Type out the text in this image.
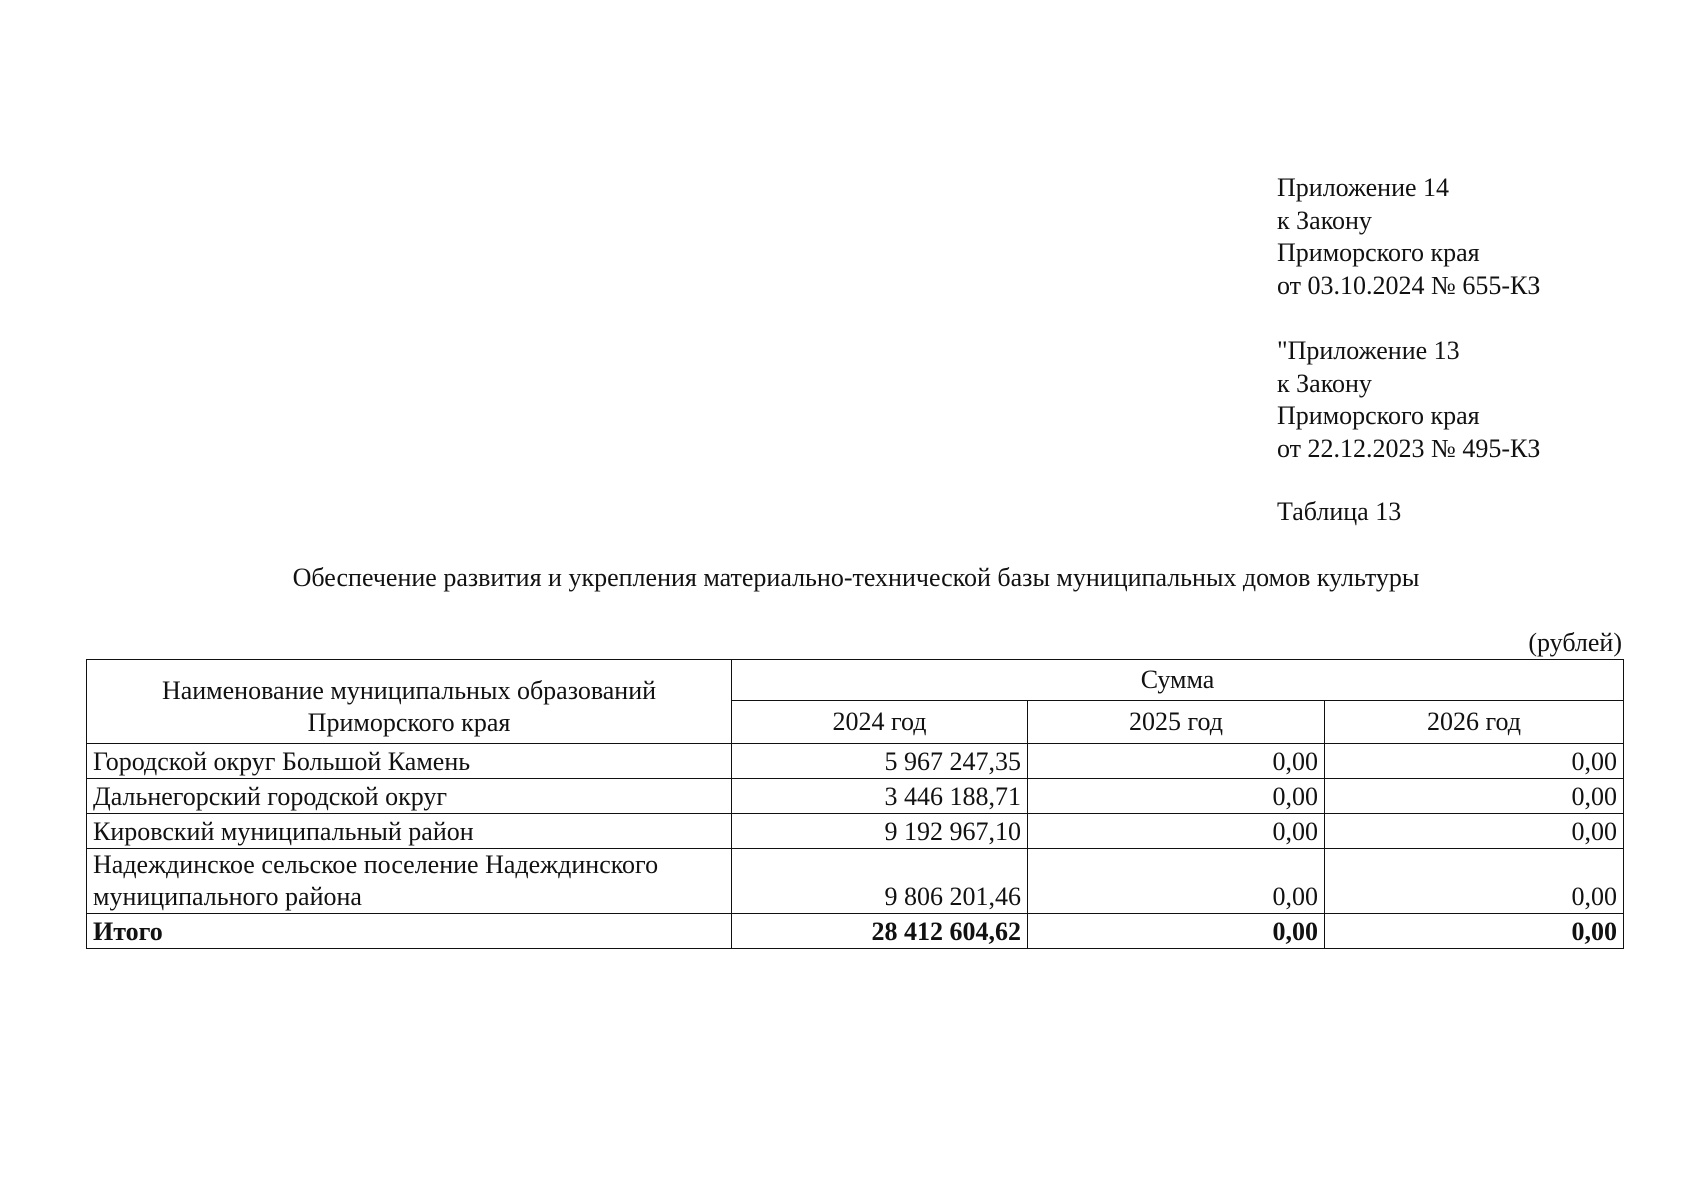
Приложение 14
к Закону
Приморского края
от 03.10.2024 № 655-КЗ
"Приложение 13
к Закону
Приморского края
от 22.12.2023 № 495-КЗ
Таблица 13
Обеспечение развития и укрепления материально-технической базы муниципальных домов культуры
(рублей)
Наименование муниципальных образований
Приморского края	Сумма		
	2024 год	2025 год	2026 год
Городской округ Большой Камень	5 967 247,35	0,00	0,00
Дальнегорский городской округ	3 446 188,71	0,00	0,00
Кировский муниципальный район	9 192 967,10	0,00	0,00

Надеждинское сельское поселение Надеждинского
муниципального района	9 806 201,46	0,00	0,00
Итого	28 412 604,62	0,00	0,00
